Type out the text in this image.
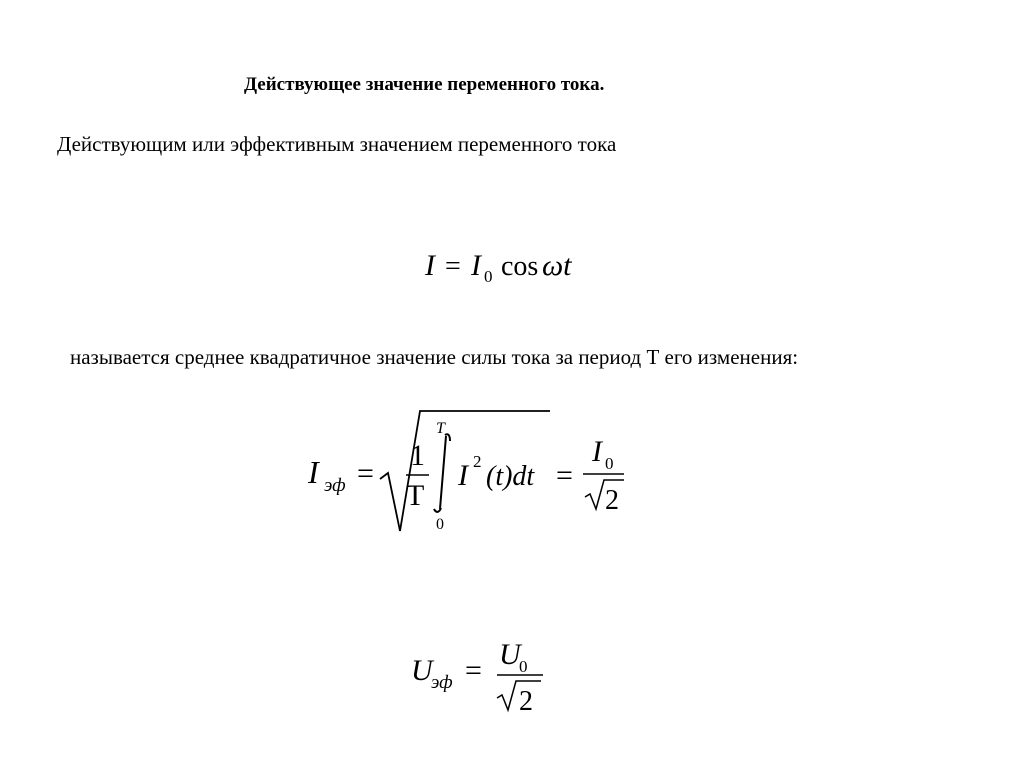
Действующее значение переменного тока.
Действующим или эффективным значением переменного тока
I = I 0 cos ωt
называется среднее квадратичное значение силы тока за период Т его изменения:
I эф =
1
T
T
0
I 2 (t)dt =
I 0
2
U
эф = U
0
2
